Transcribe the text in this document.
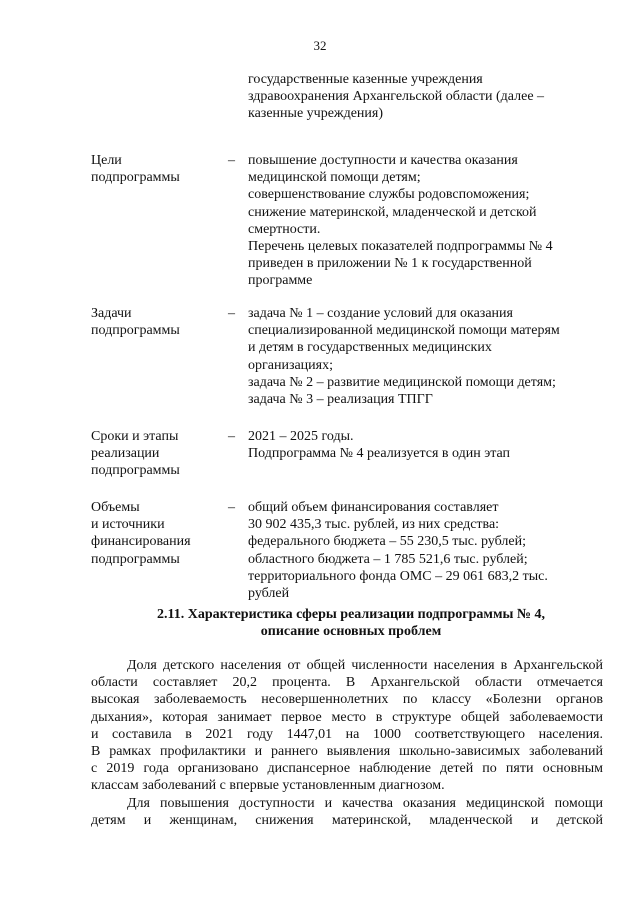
32
государственные казенные учреждения
здравоохранения Архангельской области (далее –
казенные учреждения)
Цели
подпрограммы
– повышение доступности и качества оказания
медицинской помощи детям;
совершенствование службы родовспоможения;
снижение материнской, младенческой и детской
смертности.
Перечень целевых показателей подпрограммы № 4
приведен в приложении № 1 к государственной
программе
Задачи
подпрограммы
– задача № 1 – создание условий для оказания
специализированной медицинской помощи матерям
и детям в государственных медицинских
организациях;
задача № 2 – развитие медицинской помощи детям;
задача № 3 – реализация ТПГГ
Сроки и этапы
реализации
подпрограммы
– 2021 – 2025 годы.
Подпрограмма № 4 реализуется в один этап
Объемы
и источники
финансирования
подпрограммы
– общий объем финансирования составляет
30 902 435,3 тыс. рублей, из них средства:
федерального бюджета – 55 230,5 тыс. рублей;
областного бюджета – 1 785 521,6 тыс. рублей;
территориального фонда ОМС – 29 061 683,2 тыс.
рублей
2.11. Характеристика сферы реализации подпрограммы № 4,
описание основных проблем
Доля детского населения от общей численности населения в Архангельской
области составляет 20,2 процента. В Архангельской области отмечается
высокая заболеваемость несовершеннолетних по классу «Болезни органов
дыхания», которая занимает первое место в структуре общей заболеваемости
и составила в 2021 году 1447,01 на 1000 соответствующего населения.
В рамках профилактики и раннего выявления школьно-зависимых заболеваний
с 2019 года организовано диспансерное наблюдение детей по пяти основным
классам заболеваний с впервые установленным диагнозом.
Для повышения доступности и качества оказания медицинской помощи
детям и женщинам, снижения материнской, младенческой и детской
